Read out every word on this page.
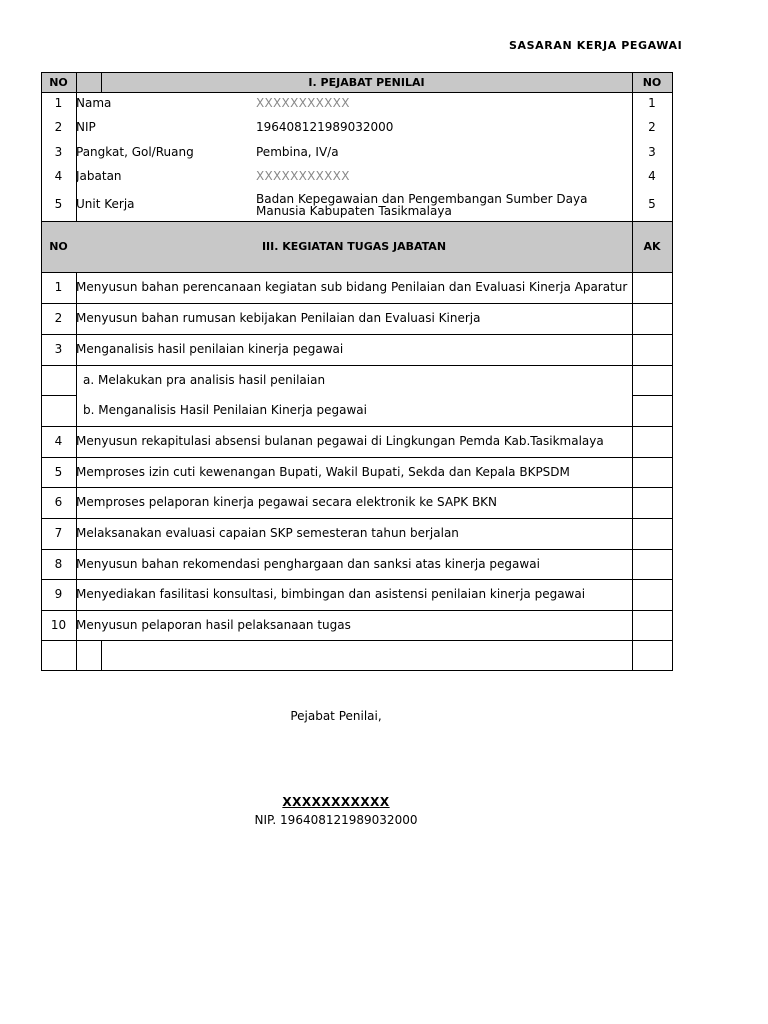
SASARAN KERJA PEGAWAI
NO	I. PEJABAT PENILAI	NO
1	Nama	XXXXXXXXXXX	1
2	NIP	196408121989032000	2
3	Pangkat, Gol/Ruang	Pembina, IV/a	3
4	Jabatan	XXXXXXXXXXX	4
5	Unit Kerja	Badan Kepegawaian dan Pengembangan Sumber Daya Manusia Kabupaten Tasikmalaya	5
NO	III. KEGIATAN TUGAS JABATAN	AK
1	Menyusun bahan perencanaan kegiatan sub bidang Penilaian dan Evaluasi Kinerja Aparatur
2	Menyusun bahan rumusan kebijakan Penilaian dan Evaluasi Kinerja
3	Menganalisis hasil penilaian kinerja pegawai
a. Melakukan pra analisis hasil penilaian
b. Menganalisis Hasil Penilaian Kinerja pegawai
4	Menyusun rekapitulasi absensi bulanan pegawai di Lingkungan Pemda Kab.Tasikmalaya
5	Memproses izin cuti kewenangan Bupati, Wakil Bupati, Sekda dan Kepala BKPSDM
6	Memproses pelaporan kinerja pegawai secara elektronik ke SAPK BKN
7	Melaksanakan evaluasi capaian SKP semesteran tahun berjalan
8	Menyusun bahan rekomendasi penghargaan dan sanksi atas kinerja pegawai
9	Menyediakan fasilitasi konsultasi, bimbingan dan asistensi penilaian kinerja pegawai
10 Menyusun pelaporan hasil pelaksanaan tugas
Pejabat Penilai,
XXXXXXXXXXX
NIP. 196408121989032000
